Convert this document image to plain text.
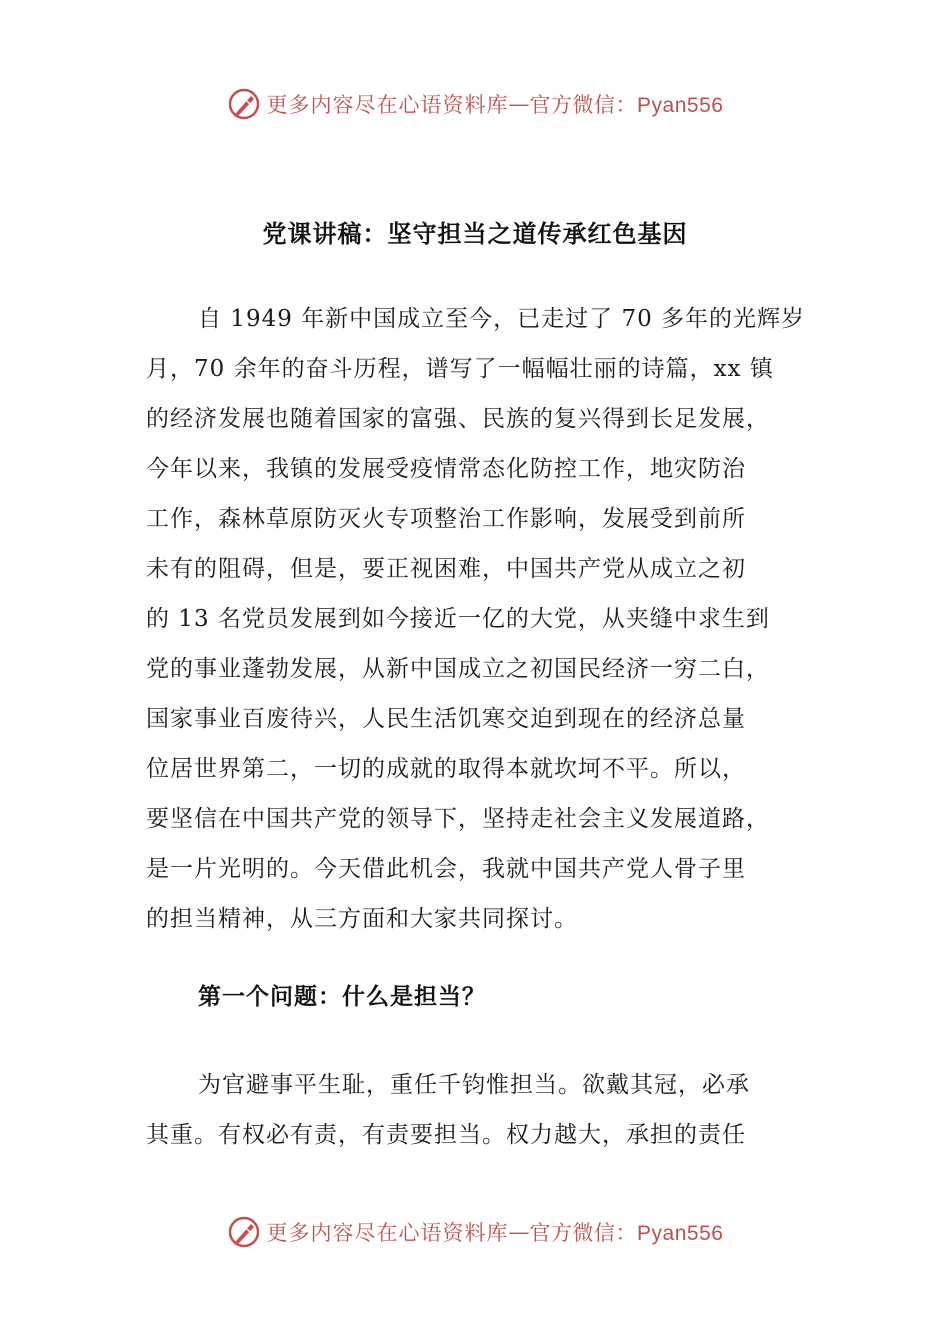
更多内容尽在心语资料库 — 官方微信：Pyan556
党课讲稿：坚守担当之道传承红色基因
自 1949 年新中国成立至今，已走过了 70 多年的光辉岁
月，70 余年的奋斗历程，谱写了一幅幅壮丽的诗篇，xx 镇
的经济发展也随着国家的富强、民族的复兴得到长足发展，
今年以来，我镇的发展受疫情常态化防控工作，地灾防治
工作，森林草原防灭火专项整治工作影响，发展受到前所
未有的阻碍，但是，要正视困难，中国共产党从成立之初
的 13 名党员发展到如今接近一亿的大党，从夹缝中求生到
党的事业蓬勃发展，从新中国成立之初国民经济一穷二白，
国家事业百废待兴，人民生活饥寒交迫到现在的经济总量
位居世界第二，一切的成就的取得本就坎坷不平。所以，
要坚信在中国共产党的领导下，坚持走社会主义发展道路，
是一片光明的。今天借此机会，我就中国共产党人骨子里
的担当精神，从三方面和大家共同探讨。
第一个问题：什么是担当？
为官避事平生耻，重任千钧惟担当。欲戴其冠，必承
其重。有权必有责，有责要担当。权力越大，承担的责任
更多内容尽在心语资料库 — 官方微信：Pyan556
